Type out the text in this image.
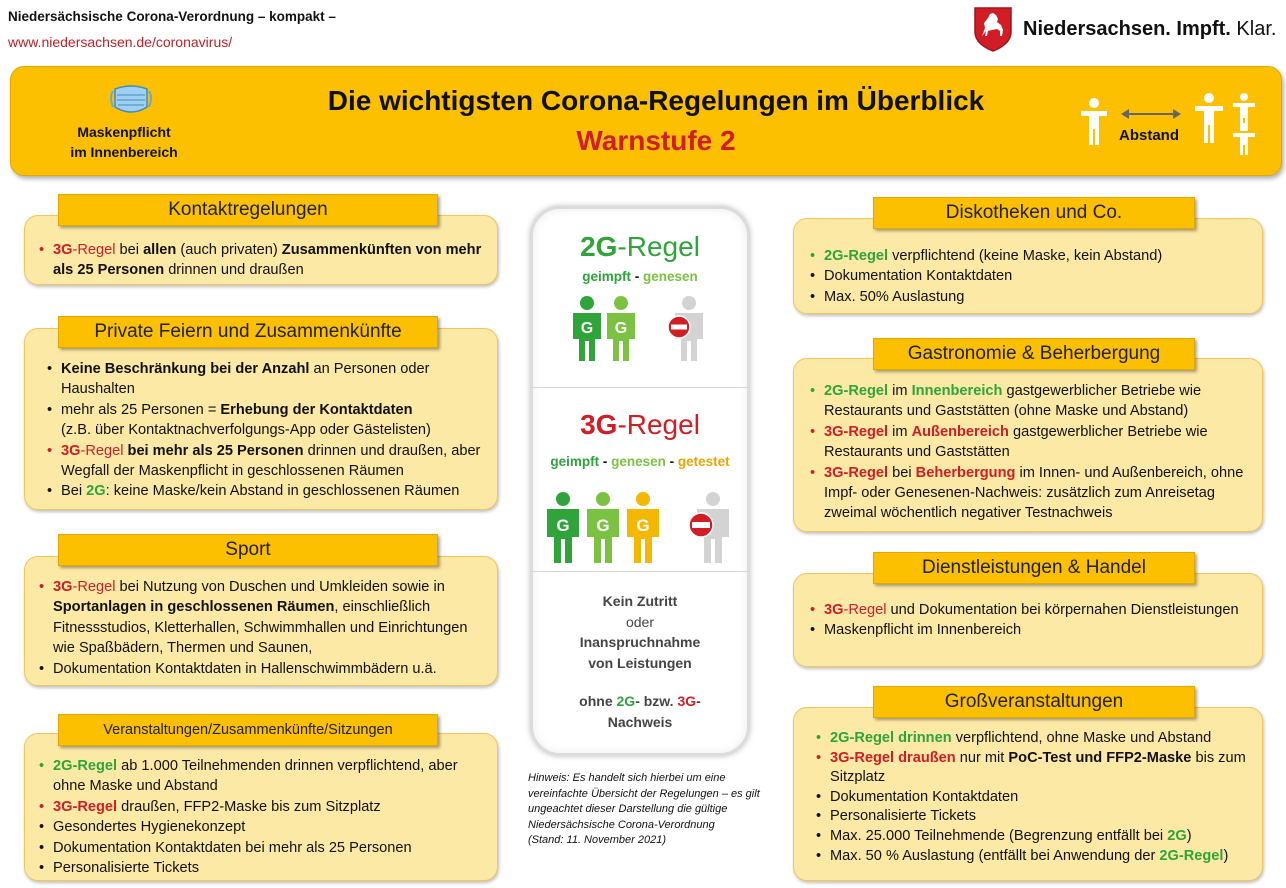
Niedersächsische Corona-Verordnung – kompakt –
www.niedersachsen.de/coronavirus/
Niedersachsen. Impft. Klar.
Maskenpflicht
im Innenbereich
Die wichtigsten Corona-Regelungen im Überblick
Warnstufe 2	Abstand
• 3G-Regel bei allen (auch privaten) Zusammenkünften von mehr als 25 Personen drinnen und draußen
Kontaktregelungen
• Keine Beschränkung bei der Anzahl an Personen oder Haushalten
• mehr als 25 Personen = Erhebung der Kontaktdaten
(z.B. über Kontaktnachverfolgungs-App oder Gästelisten)
• 3G-Regel bei mehr als 25 Personen drinnen und draußen, aber Wegfall der Maskenpflicht in geschlossenen Räumen
• Bei 2G: keine Maske/kein Abstand in geschlossenen Räumen
Private Feiern und Zusammenkünfte
• 3G-Regel bei Nutzung von Duschen und Umkleiden sowie in Sportanlagen in geschlossenen Räumen, einschließlich Fitnessstudios, Kletterhallen, Schwimmhallen und Einrichtungen wie Spaßbädern, Thermen und Saunen,
• Dokumentation Kontaktdaten in Hallenschwimmbädern u.ä.
Sport
• 2G-Regel ab 1.000 Teilnehmenden drinnen verpflichtend, aber ohne Maske und Abstand
• 3G-Regel draußen, FFP2-Maske bis zum Sitzplatz
• Gesondertes Hygienekonzept
• Dokumentation Kontaktdaten bei mehr als 25 Personen
• Personalisierte Tickets
Veranstaltungen/Zusammenkünfte/Sitzungen
2G-Regel
geimpft - genesen
G G
3G-Regel
geimpft - genesen - getestet
G G G
Kein Zutritt
oder
Inanspruchnahme
von Leistungen
ohne 2G- bzw. 3G-
Nachweis
Hinweis: Es handelt sich hierbei um eine vereinfachte Übersicht der Regelungen – es gilt ungeachtet dieser Darstellung die gültige Niedersächsische Corona-Verordnung
(Stand: 11. November 2021)
• 2G-Regel verpflichtend (keine Maske, kein Abstand)
• Dokumentation Kontaktdaten
• Max. 50% Auslastung
Diskotheken und Co.
• 2G-Regel im Innenbereich gastgewerblicher Betriebe wie Restaurants und Gaststätten (ohne Maske und Abstand)
• 3G-Regel im Außenbereich gastgewerblicher Betriebe wie Restaurants und Gaststätten
• 3G-Regel bei Beherbergung im Innen- und Außenbereich, ohne Impf- oder Genesenen-Nachweis: zusätzlich zum Anreisetag zweimal wöchentlich negativer Testnachweis
Gastronomie & Beherbergung
• 3G-Regel und Dokumentation bei körpernahen Dienstleistungen
• Maskenpflicht im Innenbereich
Dienstleistungen & Handel
• 2G-Regel drinnen verpflichtend, ohne Maske und Abstand
• 3G-Regel draußen nur mit PoC-Test und FFP2-Maske bis zum Sitzplatz
• Dokumentation Kontaktdaten
• Personalisierte Tickets
• Max. 25.000 Teilnehmende (Begrenzung entfällt bei 2G)
• Max. 50 % Auslastung (entfällt bei Anwendung der 2G-Regel)
Großveranstaltungen
